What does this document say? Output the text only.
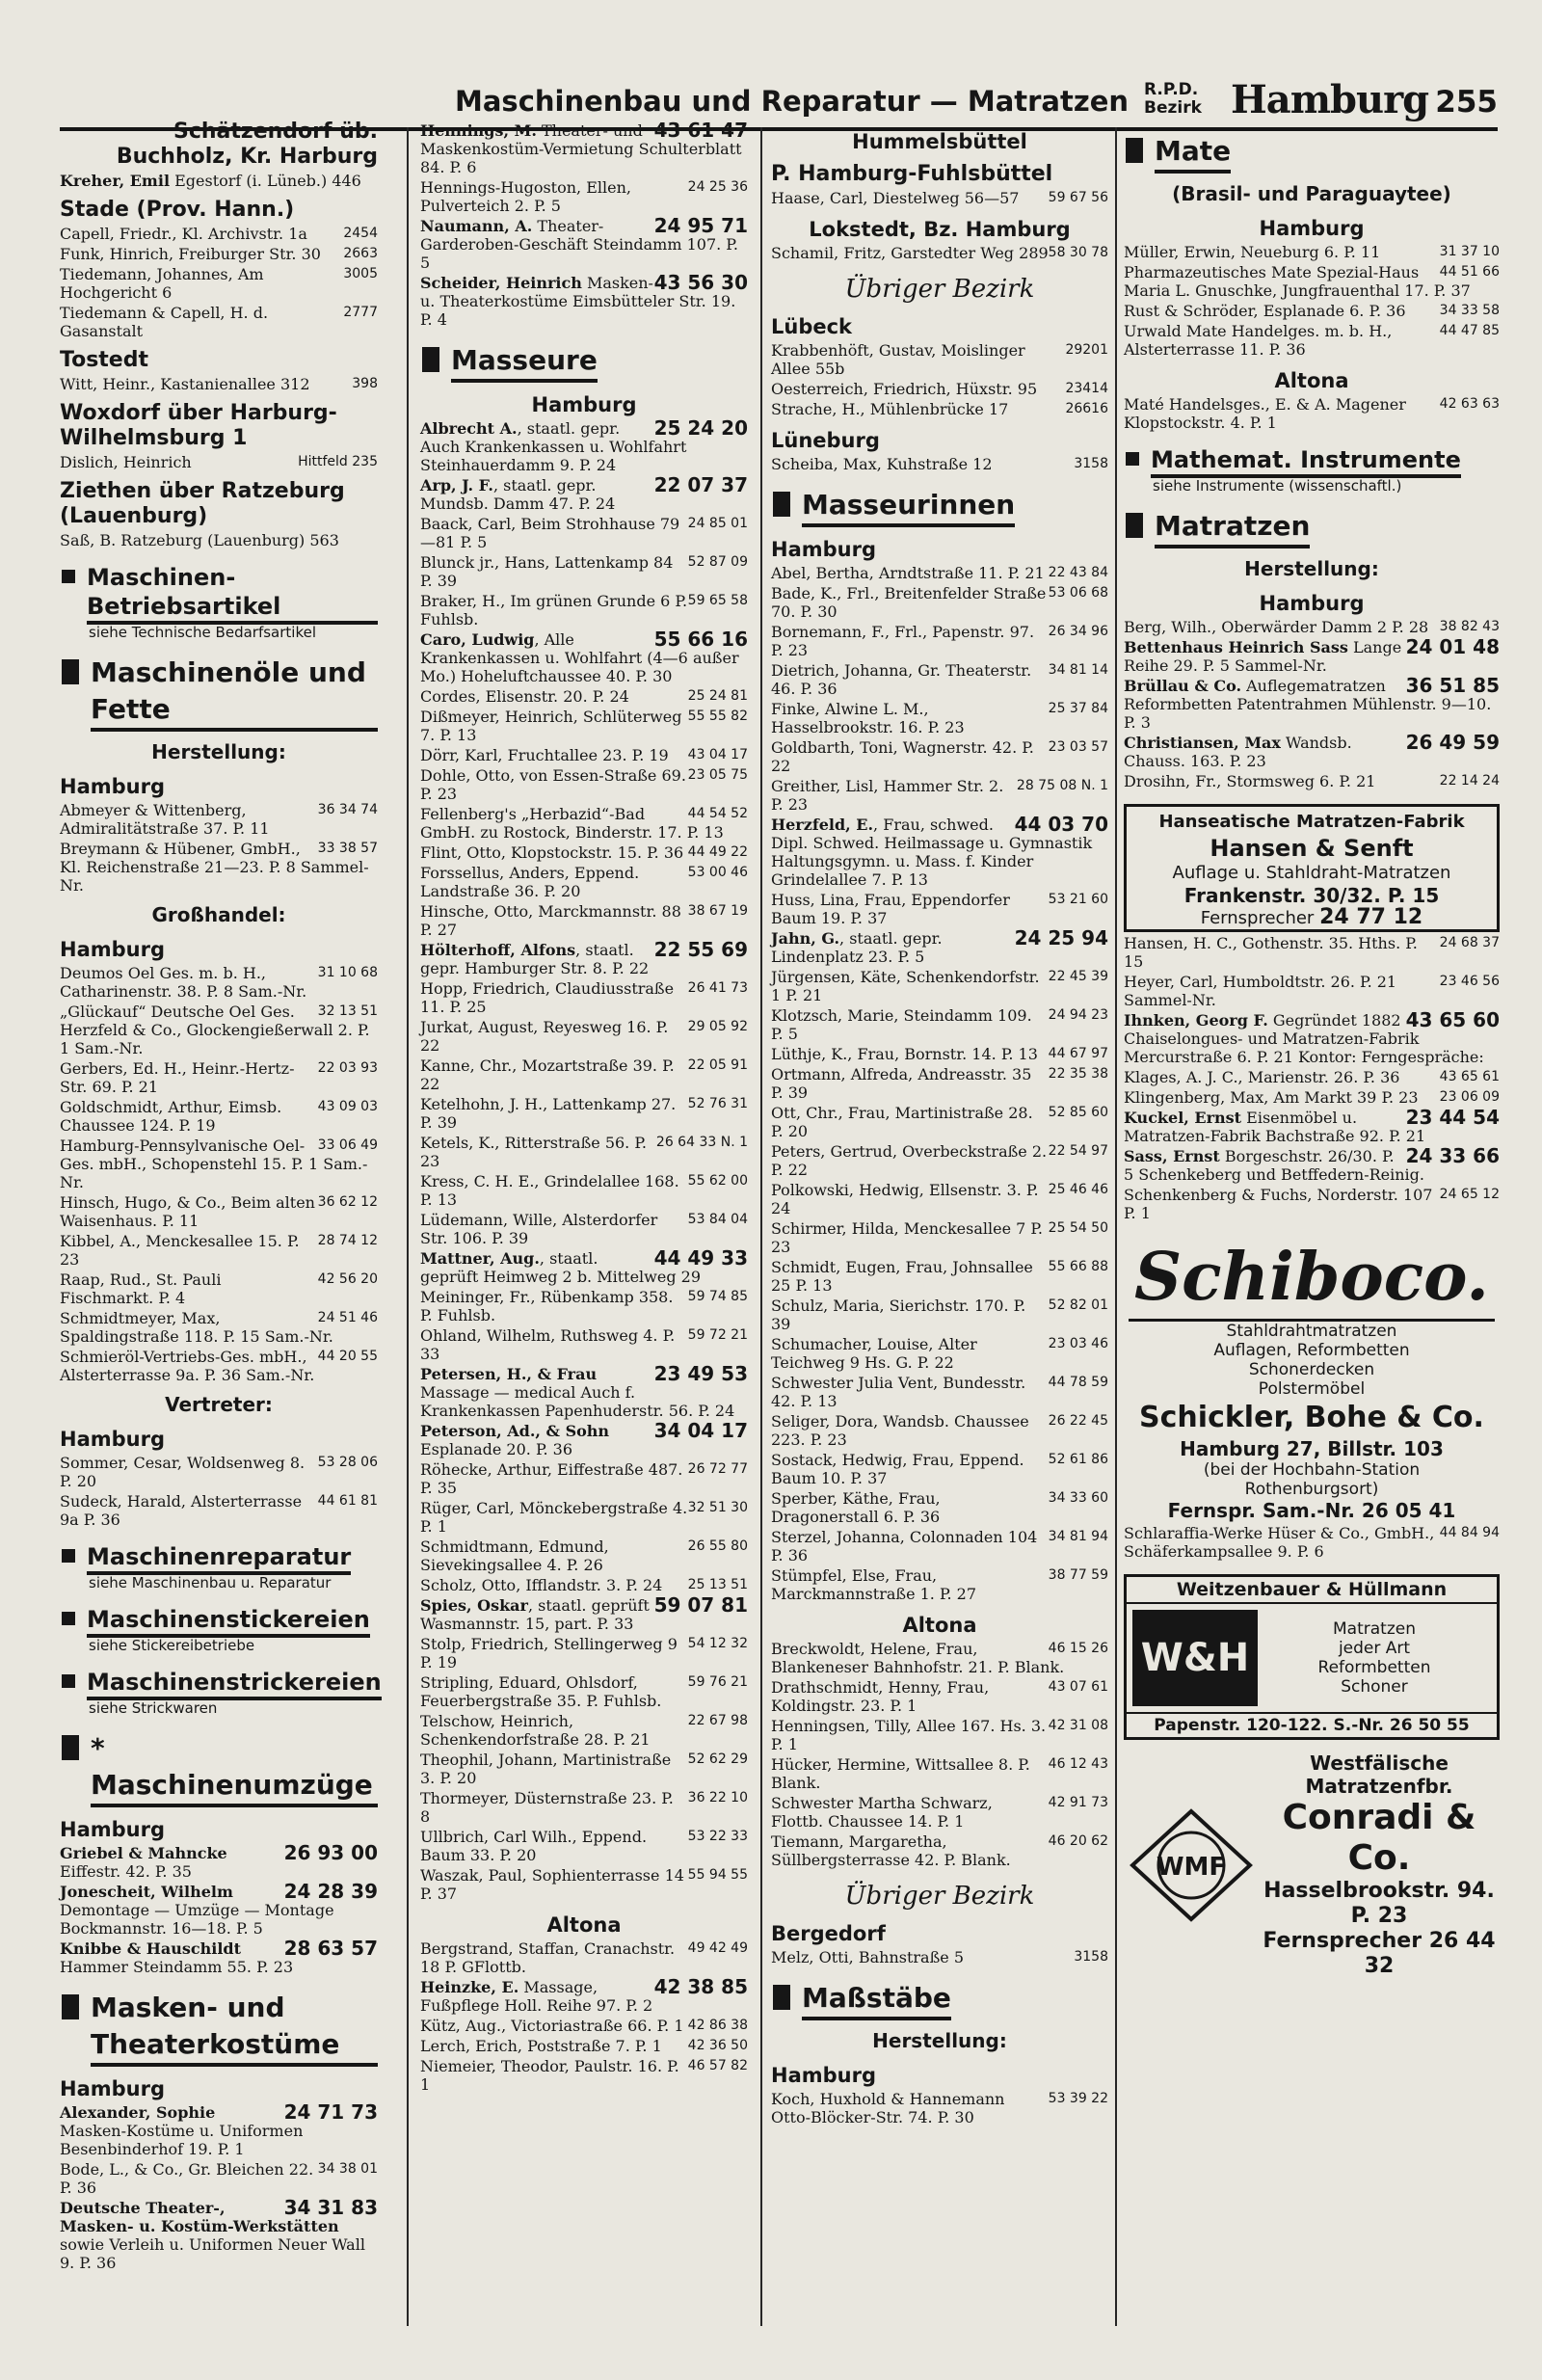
Maschinenbau und Reparatur — Matratzen R.P.D.
Bezirk Hamburg 255
Schätzendorf üb. Buchholz, Kr. Harburg
Kreher, Emil Egestorf (i. Lüneb.) 446
Stade (Prov. Hann.)
2454
Capell, Friedr., Kl. Archivstr. 1a
2663
Funk, Hinrich, Freiburger Str. 30
3005
Tiedemann, Johannes, Am Hochgericht 6
2777
Tiedemann & Capell, H. d. Gasanstalt
Tostedt
398
Witt, Heinr., Kastanienallee 312
Woxdorf über Harburg- Wilhelmsburg 1
Hittfeld 235
Dislich, Heinrich
Ziethen über Ratzeburg (Lauenburg)
Saß, B. Ratzeburg (Lauenburg) 563
Maschinen- Betriebsartikel
siehe Technische Bedarfsartikel
Maschinenöle und Fette
Herstellung:
Hamburg
36 34 74
Abmeyer & Wittenberg, Admiralitätstraße 37. P. 11
33 38 57
Breymann & Hübener, GmbH., Kl. Reichenstraße 21—23. P. 8 Sammel-Nr.
Großhandel:
Hamburg
31 10 68
Deumos Oel Ges. m. b. H., Catharinenstr. 38. P. 8 Sam.-Nr.
32 13 51
„Glückauf“ Deutsche Oel Ges. Herzfeld & Co., Glockengießerwall 2. P. 1 Sam.-Nr.
22 03 93
Gerbers, Ed. H., Heinr.-Hertz-Str. 69. P. 21
43 09 03
Goldschmidt, Arthur, Eimsb. Chaussee 124. P. 19
33 06 49
Hamburg-Pennsylvanische Oel-Ges. mbH., Schopenstehl 15. P. 1 Sam.-Nr.
36 62 12
Hinsch, Hugo, & Co., Beim alten Waisenhaus. P. 11
28 74 12
Kibbel, A., Menckesallee 15. P. 23
42 56 20
Raap, Rud., St. Pauli Fischmarkt. P. 4
24 51 46
Schmidtmeyer, Max, Spaldingstraße 118. P. 15 Sam.-Nr.
44 20 55
Schmieröl-Vertriebs-Ges. mbH., Alsterterrasse 9a. P. 36 Sam.-Nr.
Vertreter:
Hamburg
53 28 06
Sommer, Cesar, Woldsenweg 8. P. 20
44 61 81
Sudeck, Harald, Alsterterrasse 9a P. 36
Maschinenreparatur
siehe Maschinenbau u. Reparatur
Maschinenstickereien
siehe Stickereibetriebe
Maschinenstrickereien
siehe Strickwaren
* Maschinenumzüge
Hamburg
26 93 00
Griebel & Mahncke Eiffestr. 42. P. 35
24 28 39
Jonescheit, Wilhelm Demontage — Umzüge — Montage Bockmannstr. 16—18. P. 5
28 63 57
Knibbe & Hauschildt Hammer Steindamm 55. P. 23
Masken- und Theaterkostüme
Hamburg
24 71 73
Alexander, Sophie Masken-Kostüme u. Uniformen Besenbinderhof 19. P. 1
34 38 01
Bode, L., & Co., Gr. Bleichen 22. P. 36
34 31 83
Deutsche Theater-, Masken- u. Kostüm-Werkstätten sowie Verleih u. Uniformen Neuer Wall 9. P. 36
43 61 47
Hennings, M. Theater- und Maskenkostüm-Vermietung Schulterblatt 84. P. 6
24 25 36
Hennings-Hugoston, Ellen, Pulverteich 2. P. 5
24 95 71
Naumann, A. Theater-Garderoben-Geschäft Steindamm 107. P. 5
43 56 30
Scheider, Heinrich Masken- u. Theaterkostüme Eimsbütteler Str. 19. P. 4
Masseure
Hamburg
25 24 20
Albrecht A., staatl. gepr. Auch Krankenkassen u. Wohlfahrt Steinhauerdamm 9. P. 24
22 07 37
Arp, J. F., staatl. gepr. Mundsb. Damm 47. P. 24
24 85 01
Baack, Carl, Beim Strohhause 79—81 P. 5
52 87 09
Blunck jr., Hans, Lattenkamp 84 P. 39
59 65 58
Braker, H., Im grünen Grunde 6 P. Fuhlsb.
55 66 16
Caro, Ludwig, Alle Krankenkassen u. Wohlfahrt (4—6 außer Mo.) Hoheluftchaussee 40. P. 30
25 24 81
Cordes, Elisenstr. 20. P. 24
55 55 82
Dißmeyer, Heinrich, Schlüterweg 7. P. 13
43 04 17
Dörr, Karl, Fruchtallee 23. P. 19
23 05 75
Dohle, Otto, von Essen-Straße 69. P. 23
44 54 52
Fellenberg's „Herbazid“-Bad GmbH. zu Rostock, Binderstr. 17. P. 13
44 49 22
Flint, Otto, Klopstockstr. 15. P. 36
53 00 46
Forssellus, Anders, Eppend. Landstraße 36. P. 20
38 67 19
Hinsche, Otto, Marckmannstr. 88 P. 27
22 55 69
Hölterhoff, Alfons, staatl. gepr. Hamburger Str. 8. P. 22
26 41 73
Hopp, Friedrich, Claudiusstraße 11. P. 25
29 05 92
Jurkat, August, Reyesweg 16. P. 22
22 05 91
Kanne, Chr., Mozartstraße 39. P. 22
52 76 31
Ketelhohn, J. H., Lattenkamp 27. P. 39
26 64 33 N. 1
Ketels, K., Ritterstraße 56. P. 23
55 62 00
Kress, C. H. E., Grindelallee 168. P. 13
53 84 04
Lüdemann, Wille, Alsterdorfer Str. 106. P. 39
44 49 33
Mattner, Aug., staatl. geprüft Heimweg 2 b. Mittelweg 29
59 74 85
Meininger, Fr., Rübenkamp 358. P. Fuhlsb.
59 72 21
Ohland, Wilhelm, Ruthsweg 4. P. 33
23 49 53
Petersen, H., & Frau Massage — medical Auch f. Krankenkassen Papenhuderstr. 56. P. 24
34 04 17
Peterson, Ad., & Sohn Esplanade 20. P. 36
26 72 77
Röhecke, Arthur, Eiffestraße 487. P. 35
32 51 30
Rüger, Carl, Mönckebergstraße 4. P. 1
26 55 80
Schmidtmann, Edmund, Sievekingsallee 4. P. 26
25 13 51
Scholz, Otto, Ifflandstr. 3. P. 24
59 07 81
Spies, Oskar, staatl. geprüft Wasmannstr. 15, part. P. 33
54 12 32
Stolp, Friedrich, Stellingerweg 9 P. 19
59 76 21
Stripling, Eduard, Ohlsdorf, Feuerbergstraße 35. P. Fuhlsb.
22 67 98
Telschow, Heinrich, Schenkendorfstraße 28. P. 21
52 62 29
Theophil, Johann, Martinistraße 3. P. 20
36 22 10
Thormeyer, Düsternstraße 23. P. 8
53 22 33
Ullbrich, Carl Wilh., Eppend. Baum 33. P. 20
55 94 55
Waszak, Paul, Sophienterrasse 14 P. 37
Altona
49 42 49
Bergstrand, Staffan, Cranachstr. 18 P. GFlottb.
42 38 85
Heinzke, E. Massage, Fußpflege Holl. Reihe 97. P. 2
42 86 38
Kütz, Aug., Victoriastraße 66. P. 1
42 36 50
Lerch, Erich, Poststraße 7. P. 1
46 57 82
Niemeier, Theodor, Paulstr. 16. P. 1
Hummelsbüttel
P. Hamburg-Fuhlsbüttel
59 67 56
Haase, Carl, Diestelweg 56—57
Lokstedt, Bz. Hamburg
58 30 78
Schamil, Fritz, Garstedter Weg 289
Übriger Bezirk
Lübeck
29201
Krabbenhöft, Gustav, Moislinger Allee 55b
23414
Oesterreich, Friedrich, Hüxstr. 95
26616
Strache, H., Mühlenbrücke 17
Lüneburg
3158
Scheiba, Max, Kuhstraße 12
Masseurinnen
Hamburg
22 43 84
Abel, Bertha, Arndtstraße 11. P. 21
53 06 68
Bade, K., Frl., Breitenfelder Straße 70. P. 30
26 34 96
Bornemann, F., Frl., Papenstr. 97. P. 23
34 81 14
Dietrich, Johanna, Gr. Theaterstr. 46. P. 36
25 37 84
Finke, Alwine L. M., Hasselbrookstr. 16. P. 23
23 03 57
Goldbarth, Toni, Wagnerstr. 42. P. 22
28 75 08 N. 1
Greither, Lisl, Hammer Str. 2. P. 23
44 03 70
Herzfeld, E., Frau, schwed. Dipl. Schwed. Heilmassage u. Gymnastik Haltungsgymn. u. Mass. f. Kinder Grindelallee 7. P. 13
53 21 60
Huss, Lina, Frau, Eppendorfer Baum 19. P. 37
24 25 94
Jahn, G., staatl. gepr. Lindenplatz 23. P. 5
22 45 39
Jürgensen, Käte, Schenkendorfstr. 1 P. 21
24 94 23
Klotzsch, Marie, Steindamm 109. P. 5
44 67 97
Lüthje, K., Frau, Bornstr. 14. P. 13
22 35 38
Ortmann, Alfreda, Andreasstr. 35 P. 39
52 85 60
Ott, Chr., Frau, Martinistraße 28. P. 20
22 54 97
Peters, Gertrud, Overbeckstraße 2. P. 22
25 46 46
Polkowski, Hedwig, Ellsenstr. 3. P. 24
25 54 50
Schirmer, Hilda, Menckesallee 7 P. 23
55 66 88
Schmidt, Eugen, Frau, Johnsallee 25 P. 13
52 82 01
Schulz, Maria, Sierichstr. 170. P. 39
23 03 46
Schumacher, Louise, Alter Teichweg 9 Hs. G. P. 22
44 78 59
Schwester Julia Vent, Bundesstr. 42. P. 13
26 22 45
Seliger, Dora, Wandsb. Chaussee 223. P. 23
52 61 86
Sostack, Hedwig, Frau, Eppend. Baum 10. P. 37
34 33 60
Sperber, Käthe, Frau, Dragonerstall 6. P. 36
34 81 94
Sterzel, Johanna, Colonnaden 104 P. 36
38 77 59
Stümpfel, Else, Frau, Marckmannstraße 1. P. 27
Altona
46 15 26
Breckwoldt, Helene, Frau, Blankeneser Bahnhofstr. 21. P. Blank.
43 07 61
Drathschmidt, Henny, Frau, Koldingstr. 23. P. 1
42 31 08
Henningsen, Tilly, Allee 167. Hs. 3. P. 1
46 12 43
Hücker, Hermine, Wittsallee 8. P. Blank.
42 91 73
Schwester Martha Schwarz, Flottb. Chaussee 14. P. 1
46 20 62
Tiemann, Margaretha, Süllbergsterrasse 42. P. Blank.
Übriger Bezirk
Bergedorf
3158
Melz, Otti, Bahnstraße 5
Maßstäbe
Herstellung:
Hamburg
53 39 22
Koch, Huxhold & Hannemann Otto-Blöcker-Str. 74. P. 30
Mate
(Brasil- und Paraguaytee)
Hamburg
31 37 10
Müller, Erwin, Neueburg 6. P. 11
44 51 66
Pharmazeutisches Mate Spezial-Haus Maria L. Gnuschke, Jungfrauenthal 17. P. 37
34 33 58
Rust & Schröder, Esplanade 6. P. 36
44 47 85
Urwald Mate Handelges. m. b. H., Alsterterrasse 11. P. 36
Altona
42 63 63
Maté Handelsges., E. & A. Magener Klopstockstr. 4. P. 1
Mathemat. Instrumente
siehe Instrumente (wissenschaftl.)
Matratzen
Herstellung:
Hamburg
38 82 43
Berg, Wilh., Oberwärder Damm 2 P. 28
24 01 48
Bettenhaus Heinrich Sass Lange Reihe 29. P. 5 Sammel-Nr.
36 51 85
Brüllau & Co. Auflegematratzen Reformbetten Patentrahmen Mühlenstr. 9—10. P. 3
26 49 59
Christiansen, Max Wandsb. Chauss. 163. P. 23
22 14 24
Drosihn, Fr., Stormsweg 6. P. 21
Hanseatische Matratzen-Fabrik
Hansen & Senft
Auflage u. Stahldraht-Matratzen
Frankenstr. 30/32. P. 15
Fernsprecher 24 77 12
24 68 37
Hansen, H. C., Gothenstr. 35. Hths. P. 15
23 46 56
Heyer, Carl, Humboldtstr. 26. P. 21 Sammel-Nr.
43 65 60
Ihnken, Georg F. Gegründet 1882 Chaiselongues- und Matratzen-Fabrik Mercurstraße 6. P. 21 Kontor: Ferngespräche:
43 65 61
Klages, A. J. C., Marienstr. 26. P. 36
23 06 09
Klingenberg, Max, Am Markt 39 P. 23
23 44 54
Kuckel, Ernst Eisenmöbel u. Matratzen-Fabrik Bachstraße 92. P. 21
24 33 66
Sass, Ernst Borgeschstr. 26/30. P. 5 Schenkeberg und Betffedern-Reinig.
24 65 12
Schenkenberg & Fuchs, Norderstr. 107 P. 1
Schiboco.
Stahldrahtmatratzen
Auflagen, Reformbetten
Schonerdecken
Polstermöbel
Schickler, Bohe & Co.
Hamburg 27, Billstr. 103
(bei der Hochbahn-Station
Rothenburgsort)
Fernspr. Sam.-Nr. 26 05 41
44 84 94
Schlaraffia-Werke Hüser & Co., GmbH., Schäferkampsallee 9. P. 6
Weitzenbauer & Hüllmann
W&H
Matratzen
jeder Art
Reformbetten
Schoner
Papenstr. 120-122. S.-Nr. 26 50 55
WMF
Westfälische Matratzenfbr.
Conradi & Co.
Hasselbrookstr. 94. P. 23
Fernsprecher 26 44 32
